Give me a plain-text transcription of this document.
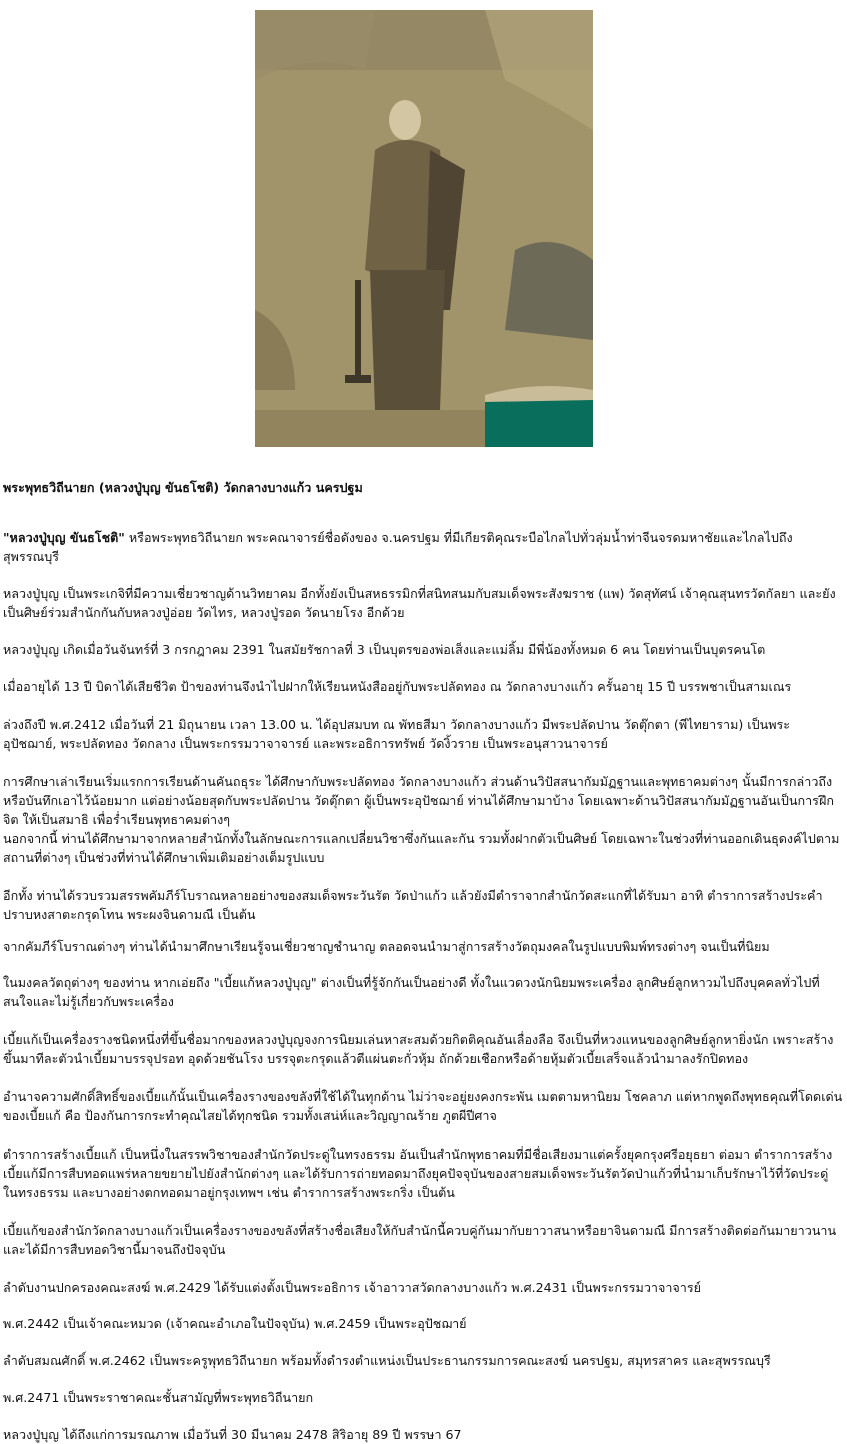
พระพุทธวิถีนายก (หลวงปู่บุญ ขันธโชติ) วัดกลางบางแก้ว นครปฐม

"หลวงปู่บุญ ขันธโชติ" หรือพระพุทธวิถีนายก พระคณาจารย์ชื่อดังของ จ.นครปฐม ที่มีเกียรติคุณระบือไกลไปทั่วลุ่มน้ำท่าจีนจรดมหาชัยและไกลไปถึงสุพรรณบุรี

หลวงปู่บุญ เป็นพระเกจิที่มีความเชี่ยวชาญด้านวิทยาคม อีกทั้งยังเป็นสหธรรมิกที่สนิทสนมกับสมเด็จพระสังฆราช (แพ) วัดสุทัศน์ เจ้าคุณสุนทรวัดกัลยา และยังเป็นศิษย์ร่วมสำนักกันกับหลวงปู่อ่อย วัดไทร, หลวงปู่รอด วัดนายโรง อีกด้วย

หลวงปู่บุญ เกิดเมื่อวันจันทร์ที่ 3 กรกฎาคม 2391 ในสมัยรัชกาลที่ 3 เป็นบุตรของพ่อเส็งและแม่ลิ้ม มีพี่น้องทั้งหมด 6 คน โดยท่านเป็นบุตรคนโต

เมื่ออายุได้ 13 ปี บิดาได้เสียชีวิต ป้าของท่านจึงนำไปฝากให้เรียนหนังสืออยู่กับพระปลัดทอง ณ วัดกลางบางแก้ว ครั้นอายุ 15 ปี บรรพชาเป็นสามเณร

ล่วงถึงปี พ.ศ.2412 เมื่อวันที่ 21 มิถุนายน เวลา 13.00 น. ได้อุปสมบท ณ พัทธสีมา วัดกลางบางแก้ว มีพระปลัดปาน วัดตุ๊กตา (พีไทยาราม) เป็นพระอุปัชฌาย์, พระปลัดทอง วัดกลาง เป็นพระกรรมวาจาจารย์ และพระอธิการทรัพย์ วัดงิ้วราย เป็นพระอนุสาวนาจารย์

การศึกษาเล่าเรียนเริ่มแรกการเรียนด้านคันถธุระ ได้ศึกษากับพระปลัดทอง วัดกลางบางแก้ว ส่วนด้านวิปัสสนากัมมัฏฐานและพุทธาคมต่างๆ นั้นมีการกล่าวถึงหรือบันทึกเอาไว้น้อยมาก แต่อย่างน้อยสุดกับพระปลัดปาน วัดตุ๊กตา ผู้เป็นพระอุปัชฌาย์ ท่านได้ศึกษามาบ้าง โดยเฉพาะด้านวิปัสสนากัมมัฏฐานอันเป็นการฝึกจิต ให้เป็นสมาธิ เพื่อร่ำเรียนพุทธาคมต่างๆ

นอกจากนี้ ท่านได้ศึกษามาจากหลายสำนักทั้งในลักษณะการแลกเปลี่ยนวิชาซึ่งกันและกัน รวมทั้งฝากตัวเป็นศิษย์ โดยเฉพาะในช่วงที่ท่านออกเดินธุดงค์ไปตามสถานที่ต่างๆ เป็นช่วงที่ท่านได้ศึกษาเพิ่มเติมอย่างเต็มรูปแบบ

อีกทั้ง ท่านได้รวบรวมสรรพคัมภีร์โบราณหลายอย่างของสมเด็จพระวันรัต วัดป่าแก้ว แล้วยังมีตำราจากสำนักวัดสะแกที่ได้รับมา อาทิ ตำราการสร้างประคำปราบหงสาตะกรุดโทน พระผงจินดามณี เป็นต้น

จากคัมภีร์โบราณต่างๆ ท่านได้นำมาศึกษาเรียนรู้จนเชี่ยวชาญชำนาญ ตลอดจนนำมาสู่การสร้างวัตถุมงคลในรูปแบบพิมพ์ทรงต่างๆ จนเป็นที่นิยม

ในมงคลวัตถุต่างๆ ของท่าน หากเอ่ยถึง "เบี้ยแก้หลวงปู่บุญ" ต่างเป็นที่รู้จักกันเป็นอย่างดี ทั้งในแวดวงนักนิยมพระเครื่อง ลูกศิษย์ลูกหาวมไปถึงบุคคลทั่วไปที่สนใจและไม่รู้เกี่ยวกับพระเครื่อง

เบี้ยแก้เป็นเครื่องรางชนิดหนึ่งที่ขึ้นชื่อมากของหลวงปู่บุญจงการนิยมเล่นหาสะสมด้วยกิตติคุณอันเลื่องลือ จึงเป็นที่หวงแหนของลูกศิษย์ลูกหายิ่งนัก เพราะสร้างขึ้นมาทีละตัวนำเบี้ยมาบรรจุปรอท อุดด้วยชันโรง บรรจุตะกรุดแล้วตีแผ่นตะกั่วหุ้ม ถักด้วยเชือกหรือด้ายหุ้มตัวเบี้ยเสร็จแล้วนำมาลงรักปิดทอง

อำนาจความศักดิ์สิทธิ์ของเบี้ยแก้นั้นเป็นเครื่องรางของขลังที่ใช้ได้ในทุกด้าน ไม่ว่าจะอยู่ยงคงกระพัน เมตตามหานิยม โชคลาภ แต่หากพูดถึงพุทธคุณที่โดดเด่นของเบี้ยแก้ คือ ป้องกันการกระทำคุณไสยได้ทุกชนิด รวมทั้งเสน่ห์และวิญญาณร้าย ภูตผีปีศาจ

ตำราการสร้างเบี้ยแก้ เป็นหนึ่งในสรรพวิชาของสำนักวัดประดู่ในทรงธรรม อันเป็นสำนักพุทธาคมที่มีชื่อเสียงมาแต่ครั้งยุคกรุงศรีอยุธยา ต่อมา ตำราการสร้างเบี้ยแก้มีการสืบทอดแพร่หลายขยายไปยังสำนักต่างๆ และได้รับการถ่ายทอดมาถึงยุคปัจจุบันของสายสมเด็จพระวันรัตวัดป่าแก้วที่นำมาเก็บรักษาไว้ที่วัดประดู่ในทรงธรรม และบางอย่างตกทอดมาอยู่กรุงเทพฯ เช่น ตำราการสร้างพระกริ่ง เป็นต้น

เบี้ยแก้ของสำนักวัดกลางบางแก้วเป็นเครื่องรางของขลังที่สร้างชื่อเสียงให้กับสำนักนี้ควบคู่กันมากับยาวาสนาหรือยาจินดามณี มีการสร้างติดต่อกันมายาวนาน และได้มีการสืบทอดวิชานี้มาจนถึงปัจจุบัน

ลำดับงานปกครองคณะสงฆ์ พ.ศ.2429 ได้รับแต่งตั้งเป็นพระอธิการ เจ้าอาวาสวัดกลางบางแก้ว พ.ศ.2431 เป็นพระกรรมวาจาจารย์

พ.ศ.2442 เป็นเจ้าคณะหมวด (เจ้าคณะอำเภอในปัจจุบัน) พ.ศ.2459 เป็นพระอุปัชฌาย์

ลำดับสมณศักดิ์ พ.ศ.2462 เป็นพระครูพุทธวิถีนายก พร้อมทั้งดำรงตำแหน่งเป็นประธานกรรมการคณะสงฆ์ นครปฐม, สมุทรสาคร และสุพรรณบุรี

พ.ศ.2471 เป็นพระราชาคณะชั้นสามัญที่พระพุทธวิถีนายก

หลวงปู่บุญ ได้ถึงแก่การมรณภาพ เมื่อวันที่ 30 มีนาคม 2478 สิริอายุ 89 ปี พรรษา 67
